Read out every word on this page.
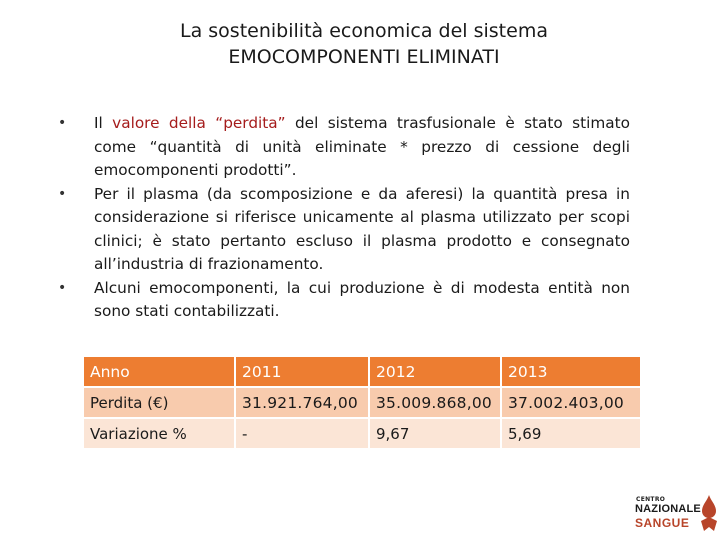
La sostenibilità economica del sistema
EMOCOMPONENTI ELIMINATI
• Il valore della “perdita” del sistema trasfusionale è stato stimato come “quantità di unità eliminate * prezzo di cessione degli emocomponenti prodotti”.
• Per il plasma (da scomposizione e da aferesi) la quantità presa in considerazione si riferisce unicamente al plasma utilizzato per scopi clinici; è stato pertanto escluso il plasma prodotto e consegnato all’industria di frazionamento.
• Alcuni emocomponenti, la cui produzione è di modesta entità non sono stati contabilizzati.
Anno	2011	2012	2013
Perdita (€)	31.921.764,00	35.009.868,00	37.002.403,00
Variazione %	-	9,67	5,69
CENTRO
NAZIONALE
SANGUE
